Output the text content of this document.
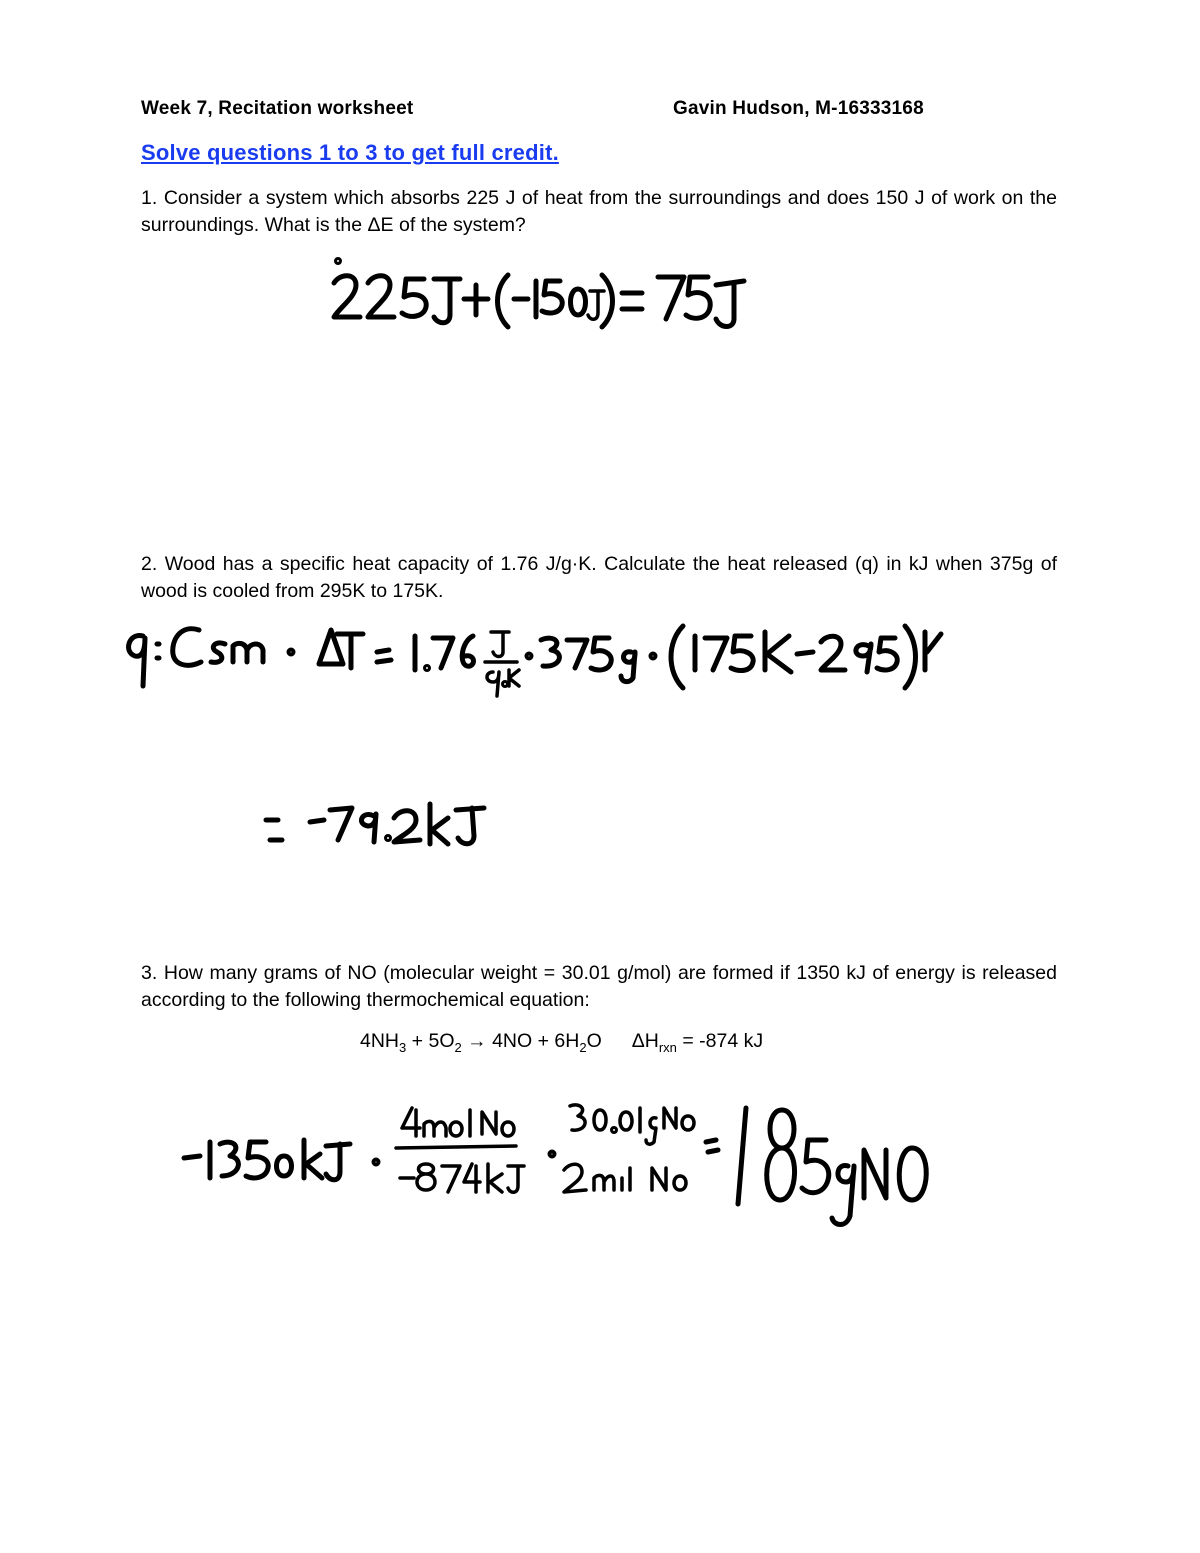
Week 7, Recitation worksheet	Gavin Hudson, M-16333168
Solve questions 1 to 3 to get full credit.
1. Consider a system which absorbs 225 J of heat from the surroundings and does 150 J of work on the surroundings. What is the ΔE of the system?
2. Wood has a specific heat capacity of 1.76 J/g·K. Calculate the heat released (q) in kJ when 375g of wood is cooled from 295K to 175K.
3. How many grams of NO (molecular weight = 30.01 g/mol) are formed if 1350 kJ of energy is released according to the following thermochemical equation:
$4NH_3 + 5O_2 \to 4NO + 6H_2O$ $\Delta H_{rxn} = -874$ kJ
